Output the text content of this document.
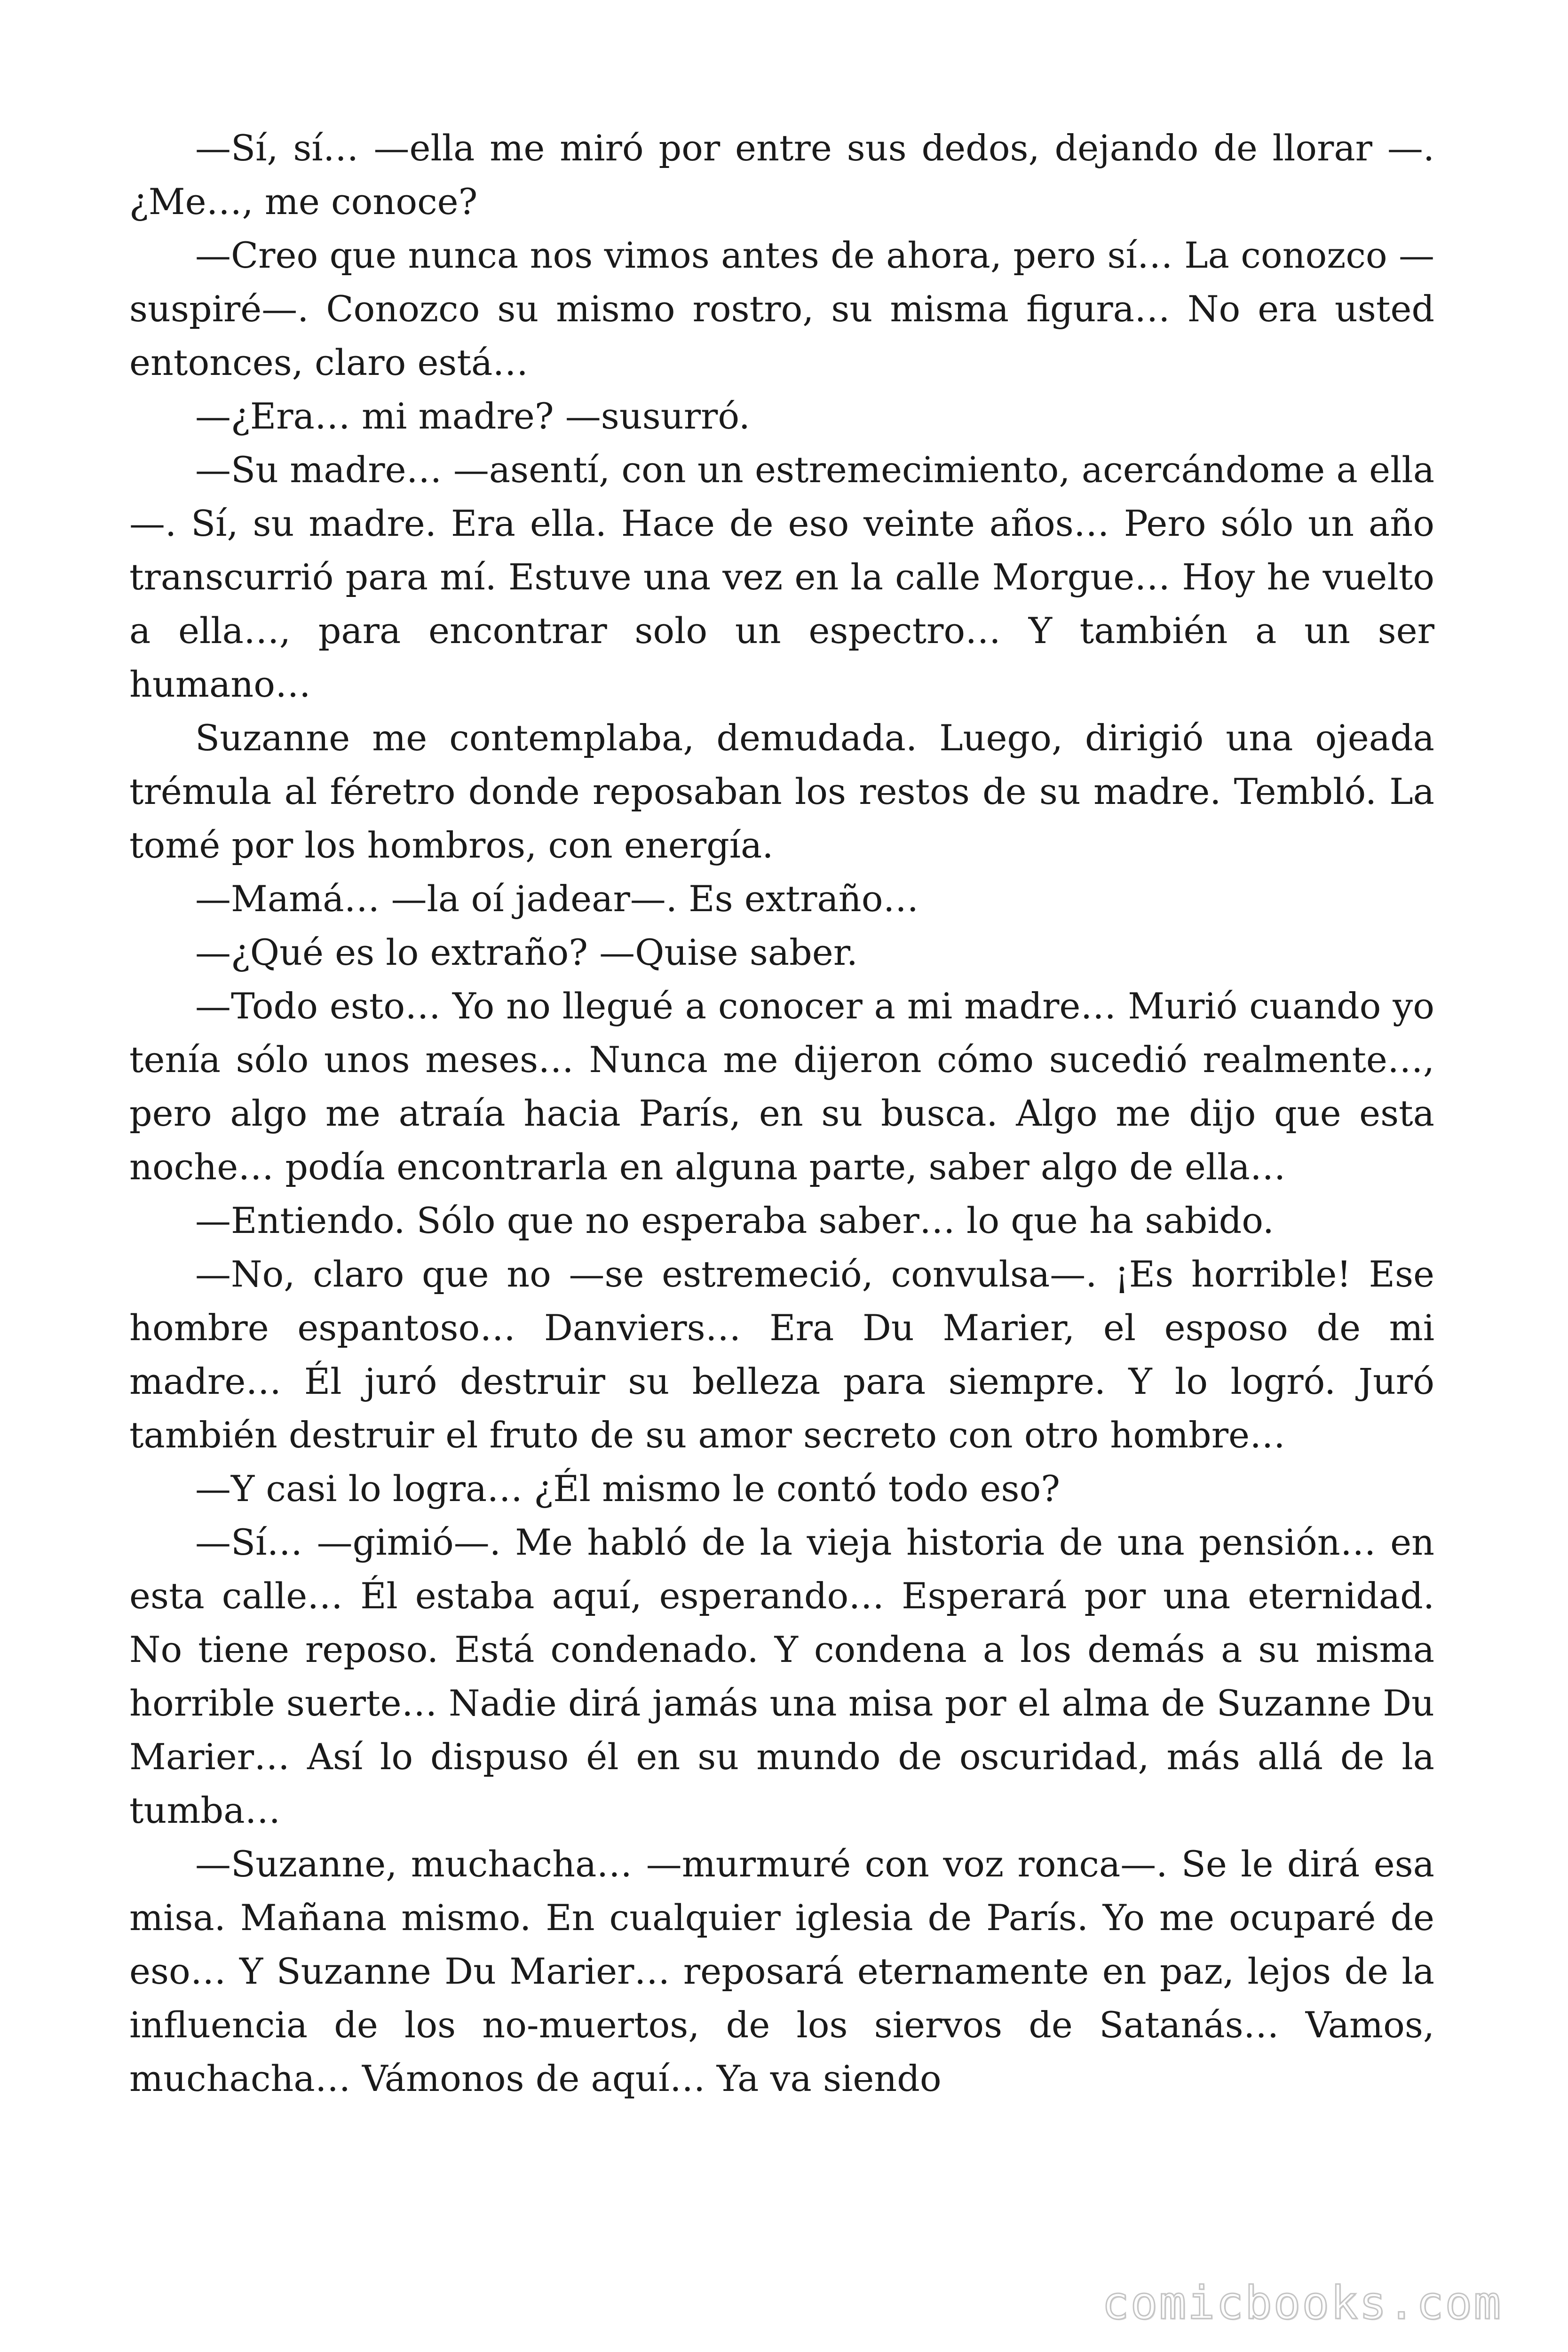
—Sí, sí… —ella me miró por entre sus dedos, dejando de llorar —. ¿Me…, me conoce?

—Creo que nunca nos vimos antes de ahora, pero sí… La conozco —suspiré—. Conozco su mismo rostro, su misma figura… No era usted entonces, claro está…

—¿Era… mi madre? —susurró.

—Su madre… —asentí, con un estremecimiento, acercándome a ella—. Sí, su madre. Era ella. Hace de eso veinte años… Pero sólo un año transcurrió para mí. Estuve una vez en la calle Morgue… Hoy he vuelto a ella…, para encontrar solo un espectro… Y también a un ser humano…

Suzanne me contemplaba, demudada. Luego, dirigió una ojeada trémula al féretro donde reposaban los restos de su madre. Tembló. La tomé por los hombros, con energía.

—Mamá… —la oí jadear—. Es extraño…

—¿Qué es lo extraño? —Quise saber.

—Todo esto… Yo no llegué a conocer a mi madre… Murió cuando yo tenía sólo unos meses… Nunca me dijeron cómo sucedió realmente…, pero algo me atraía hacia París, en su busca. Algo me dijo que esta noche… podía encontrarla en alguna parte, saber algo de ella…

—Entiendo. Sólo que no esperaba saber… lo que ha sabido.

—No, claro que no —se estremeció, convulsa—. ¡Es horrible! Ese hombre espantoso… Danviers… Era Du Marier, el esposo de mi madre… Él juró destruir su belleza para siempre. Y lo logró. Juró también destruir el fruto de su amor secreto con otro hombre…

—Y casi lo logra… ¿Él mismo le contó todo eso?

—Sí… —gimió—. Me habló de la vieja historia de una pensión… en esta calle… Él estaba aquí, esperando… Esperará por una eternidad. No tiene reposo. Está condenado. Y condena a los demás a su misma horrible suerte… Nadie dirá jamás una misa por el alma de Suzanne Du Marier… Así lo dispuso él en su mundo de oscuridad, más allá de la tumba…

—Suzanne, muchacha… —murmuré con voz ronca—. Se le dirá esa misa. Mañana mismo. En cualquier iglesia de París. Yo me ocuparé de eso… Y Suzanne Du Marier… reposará eternamente en paz, lejos de la influencia de los no-muertos, de los siervos de Satanás… Vamos, muchacha… Vámonos de aquí… Ya va siendo

comicbooks.com
